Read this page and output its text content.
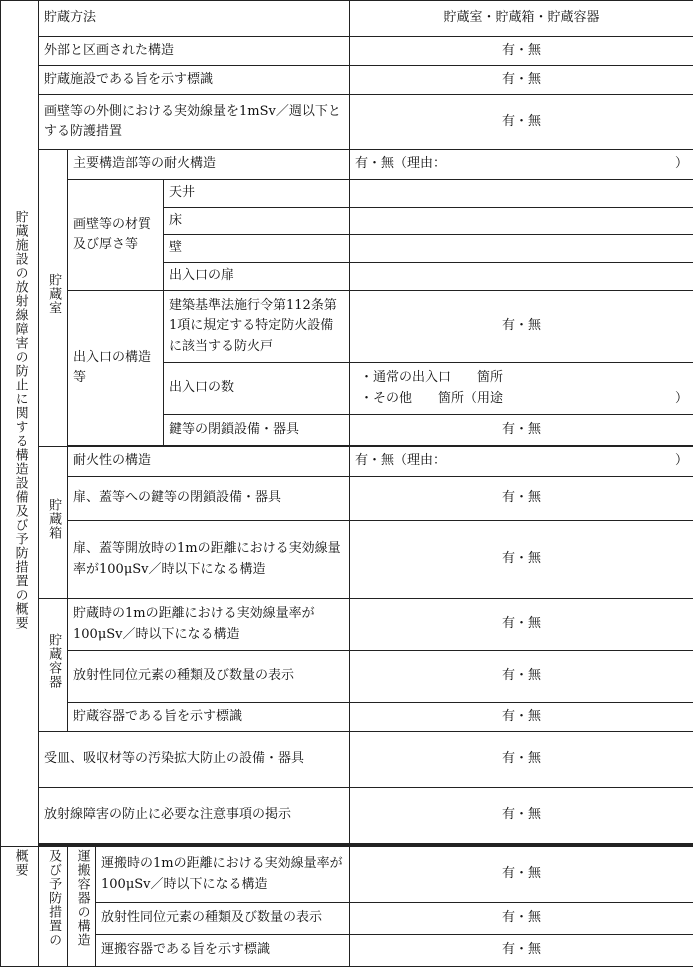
貯蔵施設の放射線障害の防止に関する構造設備及び予防措置の概要	貯蔵方法				貯蔵室・貯蔵箱・貯蔵容器
	外部と区画された構造				有・無
	貯蔵施設である旨を示す標識				有・無
	画壁等の外側における実効線量を1mSv／週以下とする防護措置				有・無
	貯蔵室	主要構造部等の耐火構造			有・無（理由： ）

		画壁等の材質及び厚さ等		天井	
				床	
				壁	
				出入口の扉	
		出入口の構造等		建築基準法施行令第112条第1項に規定する特定防火設備に該当する防火戸	有・無
				出入口の数	・通常の出入口　　箇所
・その他　　箇所（用途 ）

				鍵等の閉鎖設備・器具	有・無

	貯蔵箱	耐火性の構造			有・無（理由： ）

		扉、蓋等への鍵等の閉鎖設備・器具			有・無
		扉、蓋等開放時の1mの距離における実効線量率が100μSv／時以下になる構造			有・無
	貯蔵容器	貯蔵時の1mの距離における実効線量率が100μSv／時以下になる構造			有・無
		放射性同位元素の種類及び数量の表示			有・無
		貯蔵容器である旨を示す標識			有・無
	受皿、吸収材等の汚染拡大防止の設備・器具				有・無
	放射線障害の防止に必要な注意事項の掲示				有・無

概要	及び予防措置の	運搬容器の構造	運搬時の1mの距離における実効線量率が100μSv／時以下になる構造		有・無
			放射性同位元素の種類及び数量の表示		有・無
			運搬容器である旨を示す標識		有・無
